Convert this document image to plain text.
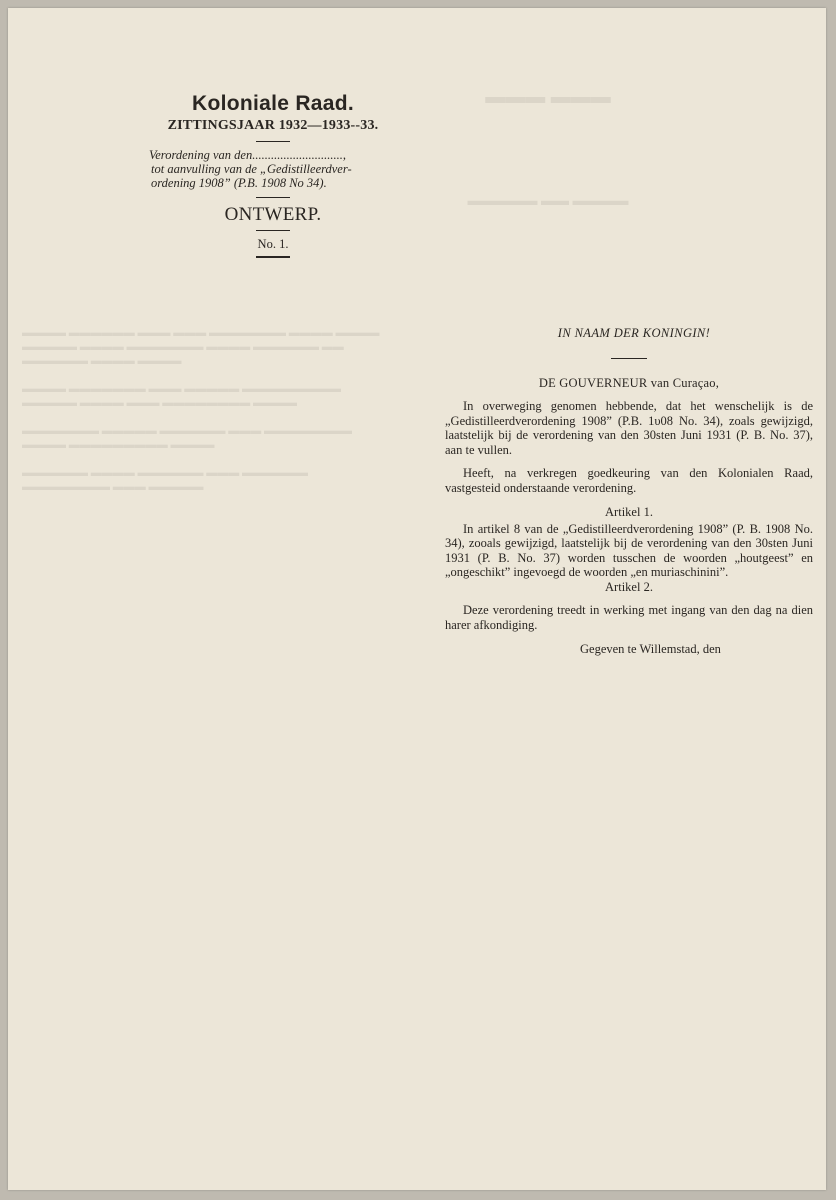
▬▬▬ ▬▬▬
▬▬▬▬ ▬▬ ▬▬▬▬▬
▬▬▬▬ ▬▬▬▬▬▬ ▬▬▬ ▬▬▬ ▬▬▬▬▬▬▬ ▬▬▬▬ ▬▬▬▬
▬▬▬▬▬ ▬▬▬▬ ▬▬▬▬▬▬▬ ▬▬▬▬ ▬▬▬▬▬▬ ▬▬
▬▬▬▬▬▬ ▬▬▬▬ ▬▬▬▬

▬▬▬▬ ▬▬▬▬▬▬▬ ▬▬▬ ▬▬▬▬▬ ▬▬▬▬▬▬▬▬▬
▬▬▬▬▬ ▬▬▬▬ ▬▬▬ ▬▬▬▬▬▬▬▬ ▬▬▬▬

▬▬▬▬▬▬▬ ▬▬▬▬▬ ▬▬▬▬▬▬ ▬▬▬ ▬▬▬▬▬▬▬▬
▬▬▬▬ ▬▬▬▬▬▬▬▬▬ ▬▬▬▬

▬▬▬▬▬▬ ▬▬▬▬ ▬▬▬▬▬▬ ▬▬▬ ▬▬▬▬▬▬
▬▬▬▬▬▬▬▬ ▬▬▬ ▬▬▬▬▬
Koloniale Raad.
ZITTINGSJAAR 1932—1933--33.
Verordening van den.............................,
tot aanvulling van de „Gedistilleerdver-
ordening 1908” (P.B. 1908 No 34).
ONTWERP.
No. 1.
IN NAAM DER KONINGIN!
DE GOUVERNEUR van Curaçao,
In overweging genomen hebbende, dat het wenschelijk is de „Gedistilleerdverordening 1908” (P.B. 1υ08 No. 34), zoals gewijzigd, laatstelijk bij de verordening van den 30sten Juni 1931 (P. B. No. 37), aan te vullen.
Heeft, na verkregen goedkeuring van den Kolonialen Raad, vastgesteid onderstaande verordening.
Artikel 1.
In artikel 8 van de „Gedistilleerdverordening 1908” (P. B. 1908 No. 34), zooals gewijzigd, laatstelijk bij de verordening van den 30sten Juni 1931 (P. B. No. 37) worden tusschen de woorden „houtgeest” en „ongeschikt” ingevoegd de woorden „en muriaschinini”.
Artikel 2.
Deze verordening treedt in werking met ingang van den dag na dien harer afkondiging.
Gegeven te Willemstad, den
